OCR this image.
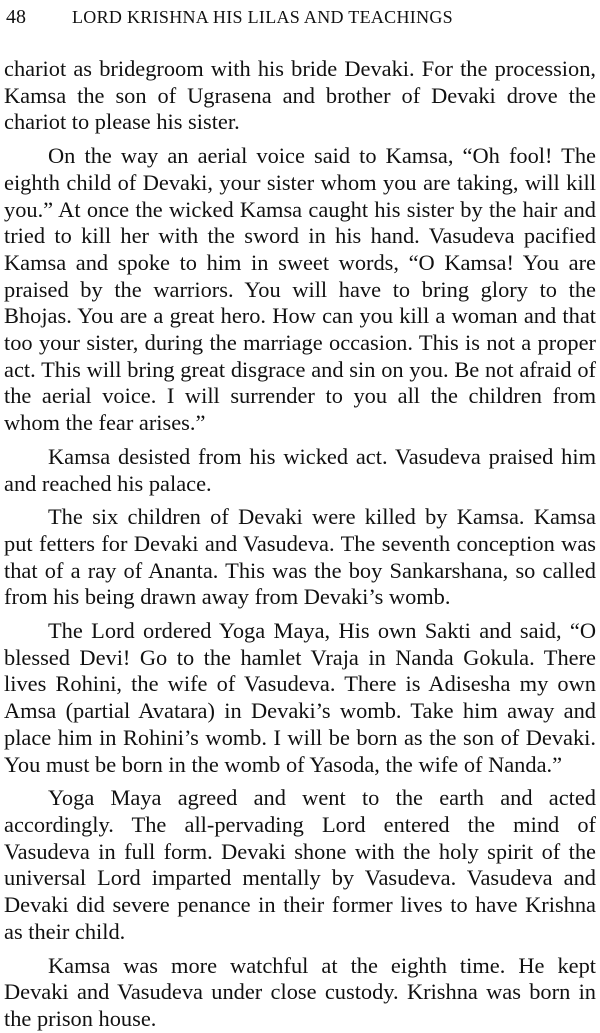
48	LORD KRISHNA HIS LILAS AND TEACHINGS

chariot as bridegroom with his bride Devaki. For the procession, Kamsa the son of Ugrasena and brother of Devaki drove the chariot to please his sister.

On the way an aerial voice said to Kamsa, “Oh fool! The eighth child of Devaki, your sister whom you are taking, will kill you.” At once the wicked Kamsa caught his sister by the hair and tried to kill her with the sword in his hand. Vasudeva pacified Kamsa and spoke to him in sweet words, “O Kamsa! You are praised by the warriors. You will have to bring glory to the Bhojas. You are a great hero. How can you kill a woman and that too your sister, during the marriage occasion. This is not a proper act. This will bring great disgrace and sin on you. Be not afraid of the aerial voice. I will surrender to you all the children from whom the fear arises.”

Kamsa desisted from his wicked act. Vasudeva praised him and reached his palace.

The six children of Devaki were killed by Kamsa. Kamsa put fetters for Devaki and Vasudeva. The seventh conception was that of a ray of Ananta. This was the boy Sankarshana, so called from his being drawn away from Devaki’s womb.

The Lord ordered Yoga Maya, His own Sakti and said, “O blessed Devi! Go to the hamlet Vraja in Nanda Gokula. There lives Rohini, the wife of Vasudeva. There is Adisesha my own Amsa (partial Avatara) in Devaki’s womb. Take him away and place him in Rohini’s womb. I will be born as the son of Devaki. You must be born in the womb of Yasoda, the wife of Nanda.”

Yoga Maya agreed and went to the earth and acted accordingly. The all-pervading Lord entered the mind of Vasudeva in full form. Devaki shone with the holy spirit of the universal Lord imparted mentally by Vasudeva. Vasudeva and Devaki did severe penance in their former lives to have Krishna as their child.

Kamsa was more watchful at the eighth time. He kept Devaki and Vasudeva under close custody. Krishna was born in the prison house.
